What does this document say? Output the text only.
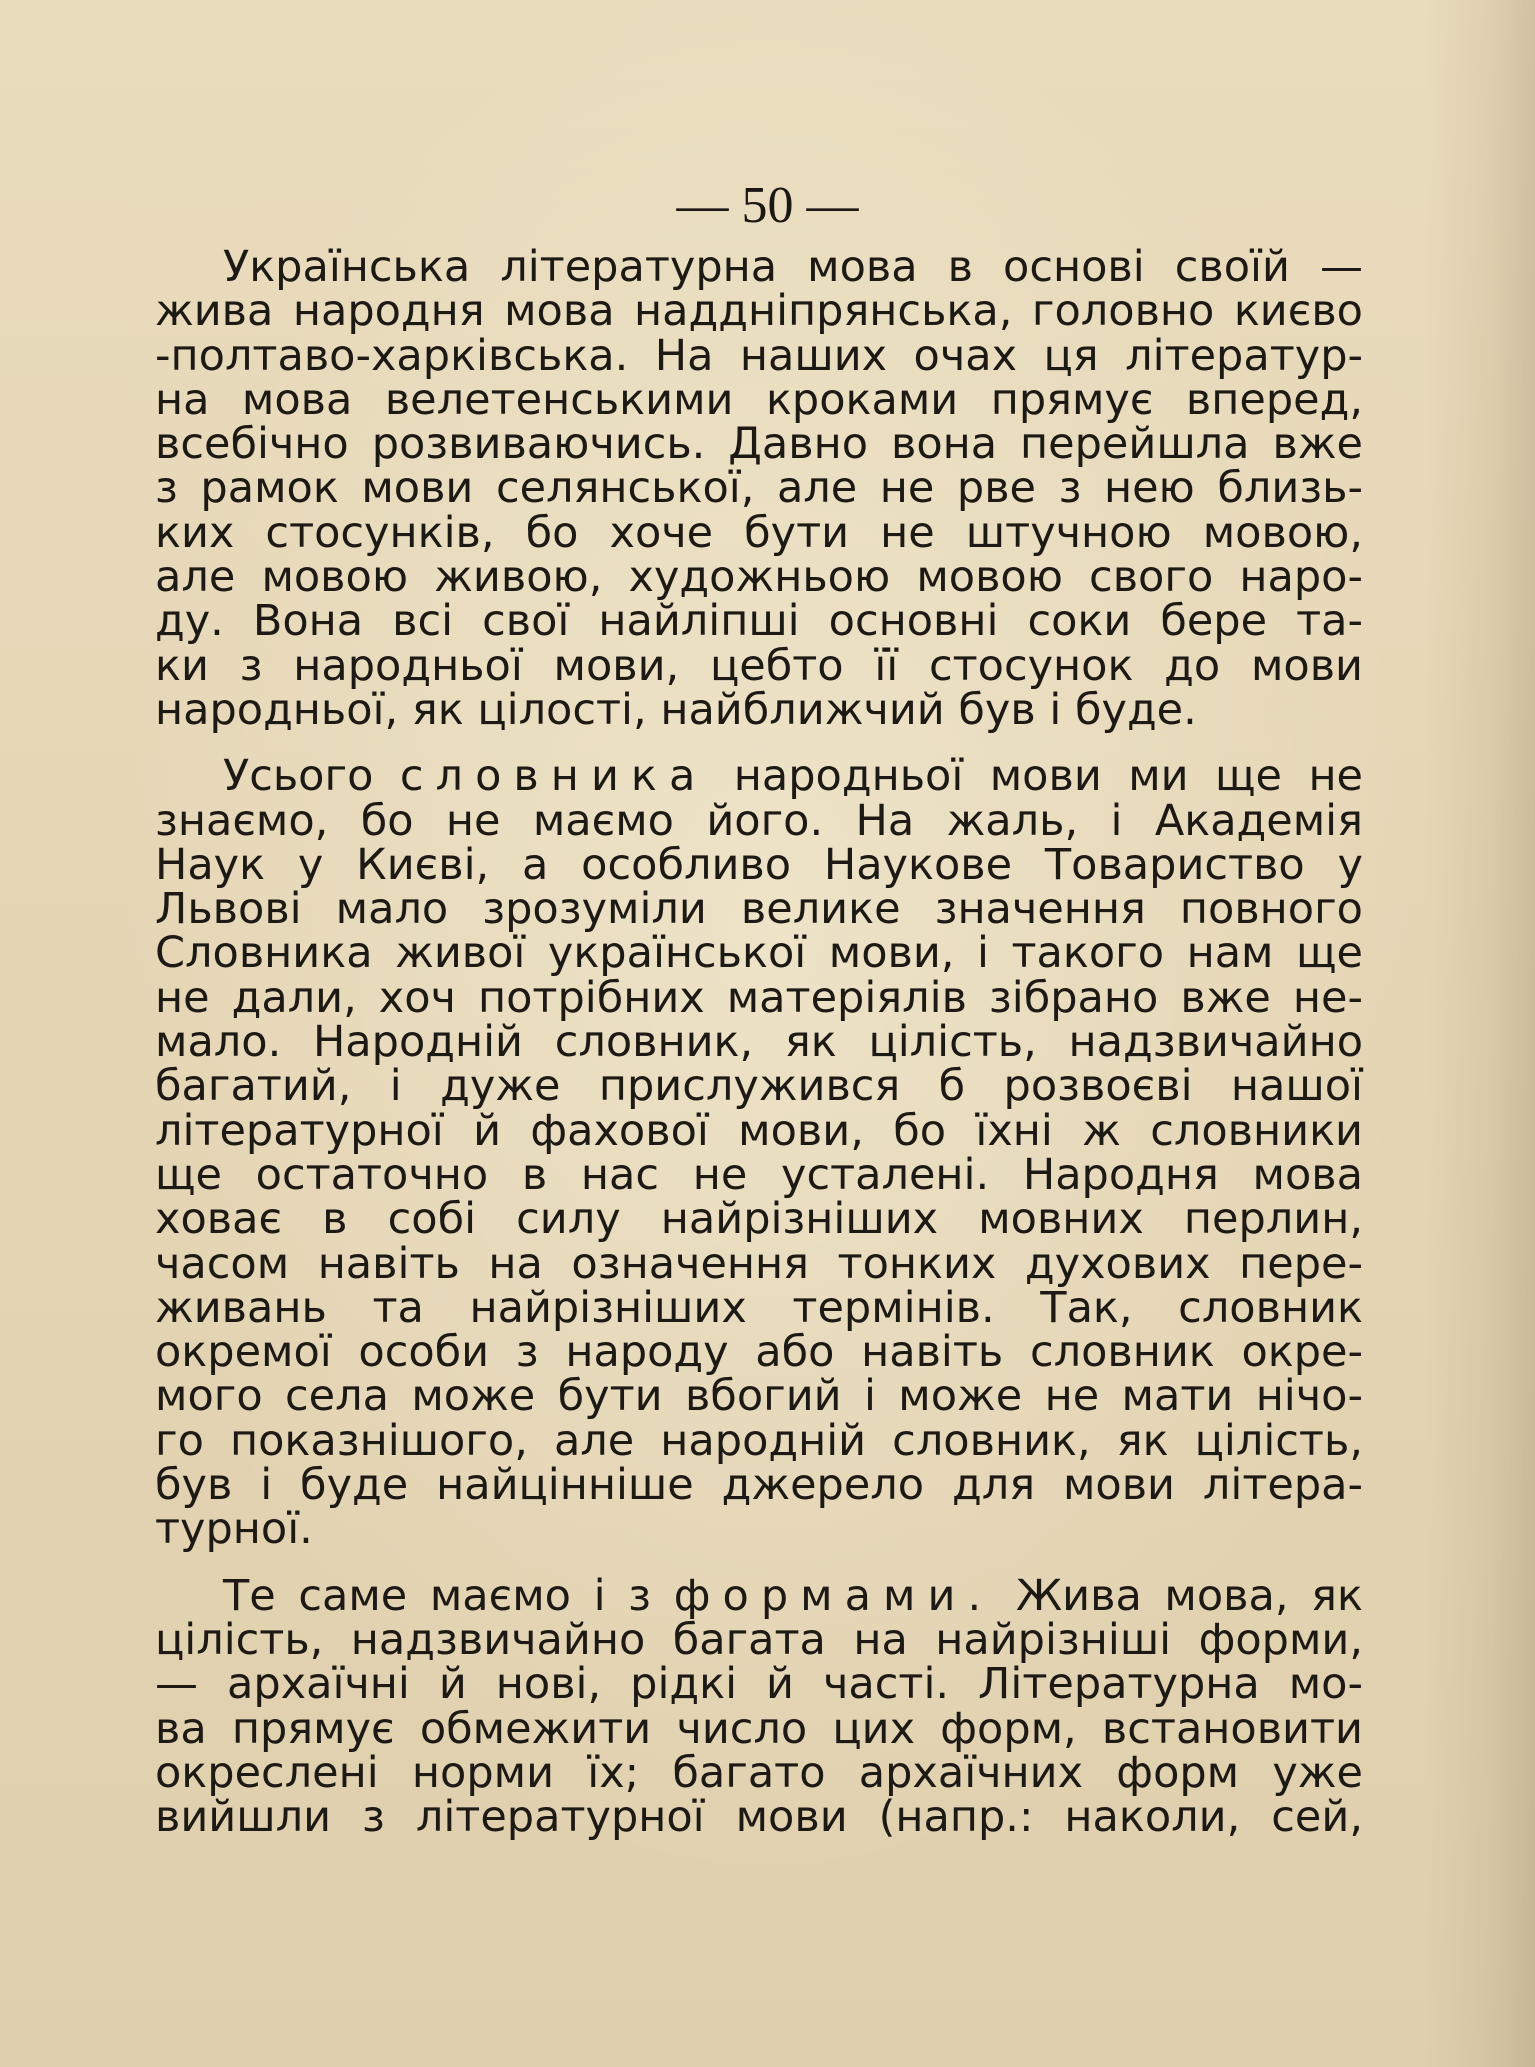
— 50 —
Українська літературна мова в основі своїй —
жива народня мова наддніпрянська, головно києво
-полтаво-харківська. На наших очах ця літератур-
на мова велетенськими кроками прямує вперед,
всебічно розвиваючись. Давно вона перейшла вже
з рамок мови селянської, але не рве з нею близь-
ких стосунків, бо хоче бути не штучною мовою,
але мовою живою, художньою мовою свого наро-
ду. Вона всі свої найліпші основні соки бере та-
ки з народньої мови, цебто її стосунок до мови
народньої, як цілості, найближчий був і буде.
Усього словника народньої мови ми ще не
знаємо, бо не маємо його. На жаль, і Академія
Наук у Києві, а особливо Наукове Товариство у
Львові мало зрозуміли велике значення повного
Словника живої української мови, і такого нам ще
не дали, хоч потрібних матеріялів зібрано вже не-
мало. Народній словник, як цілість, надзвичайно
багатий, і дуже прислужився б розвоєві нашої
літературної й фахової мови, бо їхні ж словники
ще остаточно в нас не усталені. Народня мова
ховає в собі силу найрізніших мовних перлин,
часом навіть на означення тонких духових пере-
живань та найрізніших термінів. Так, словник
окремої особи з народу або навіть словник окре-
мого села може бути вбогий і може не мати нічо-
го показнішого, але народній словник, як цілість,
був і буде найцінніше джерело для мови літера-
турної.
Те саме маємо і з формами. Жива мова, як
цілість, надзвичайно багата на найрізніші форми,
— архаїчні й нові, рідкі й часті. Літературна мо-
ва прямує обмежити число цих форм, встановити
окреслені норми їх; багато архаїчних форм уже
вийшли з літературної мови (напр.: наколи, сей,
